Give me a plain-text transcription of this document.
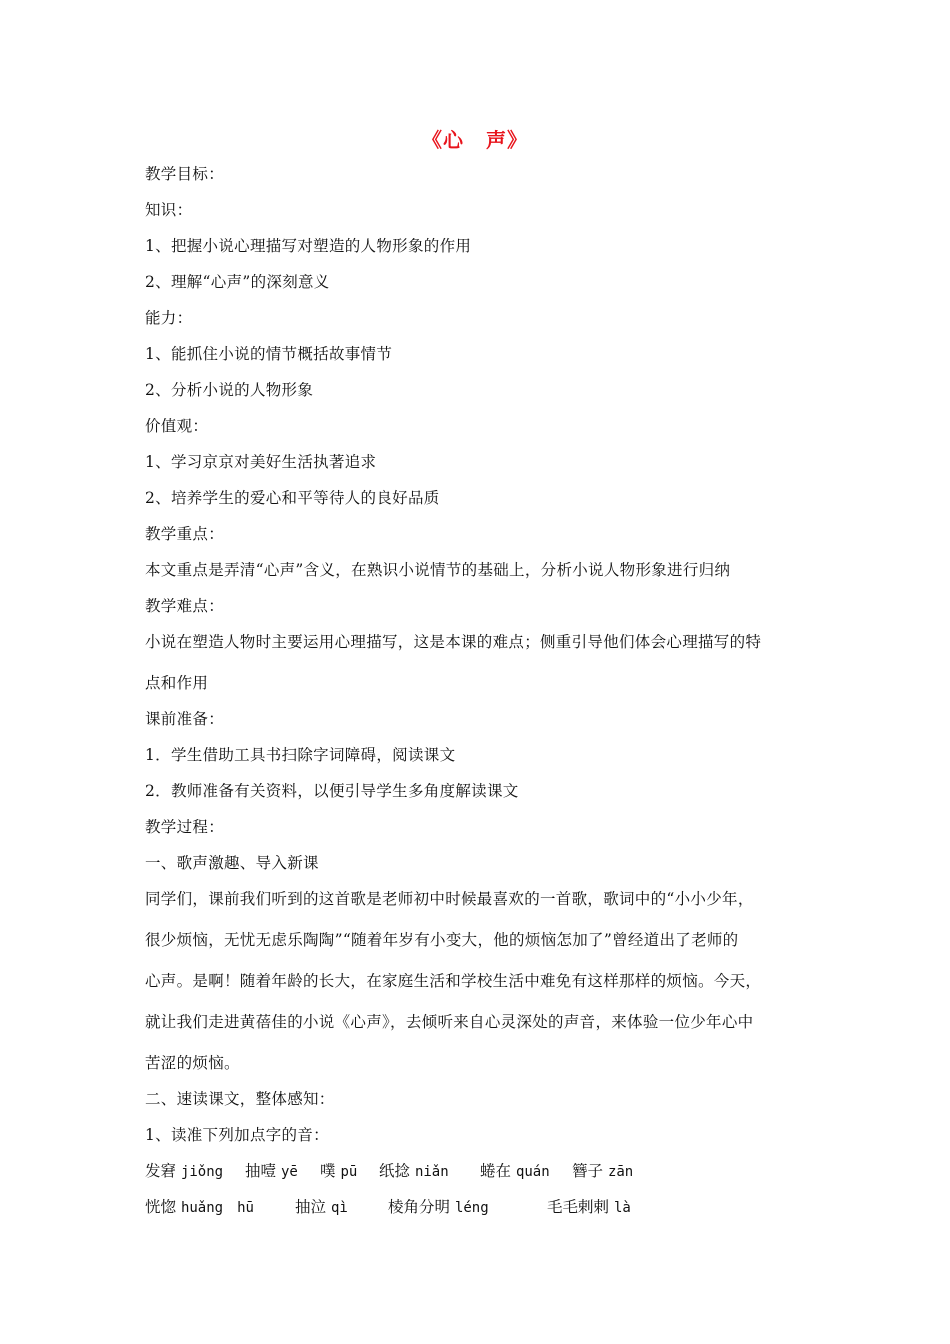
《心 声》
教学目标：
知识：
1、把握小说心理描写对塑造的人物形象的作用
2、理解“心声”的深刻意义
能力：
1、能抓住小说的情节概括故事情节
2、分析小说的人物形象
价值观：
1、学习京京对美好生活执著追求
2、培养学生的爱心和平等待人的良好品质
教学重点：
本文重点是弄清“心声”含义，在熟识小说情节的基础上，分析小说人物形象进行归纳
教学难点：
小说在塑造人物时主要运用心理描写，这是本课的难点；侧重引导他们体会心理描写的特
点和作用
课前准备：
1．学生借助工具书扫除字词障碍，阅读课文
2．教师准备有关资料，以便引导学生多角度解读课文
教学过程：
一、歌声激趣、导入新课
同学们，课前我们听到的这首歌是老师初中时候最喜欢的一首歌，歌词中的“小小少年，
很少烦恼，无忧无虑乐陶陶”“随着年岁有小变大，他的烦恼怎加了”曾经道出了老师的
心声。是啊！随着年龄的长大，在家庭生活和学校生活中难免有这样那样的烦恼。今天，
就让我们走进黄蓓佳的小说《心声》，去倾听来自心灵深处的声音，来体验一位少年心中
苦涩的烦恼。
二、速读课文，整体感知：
1、读准下列加点字的音：
发窘 jiǒng 抽噎 yē 噗 pū 纸捻 niǎn 蜷在 quán 簪子 zān
恍惚 huǎng　hū	抽泣 qì	棱角分明 léng	毛毛剌剌 là
